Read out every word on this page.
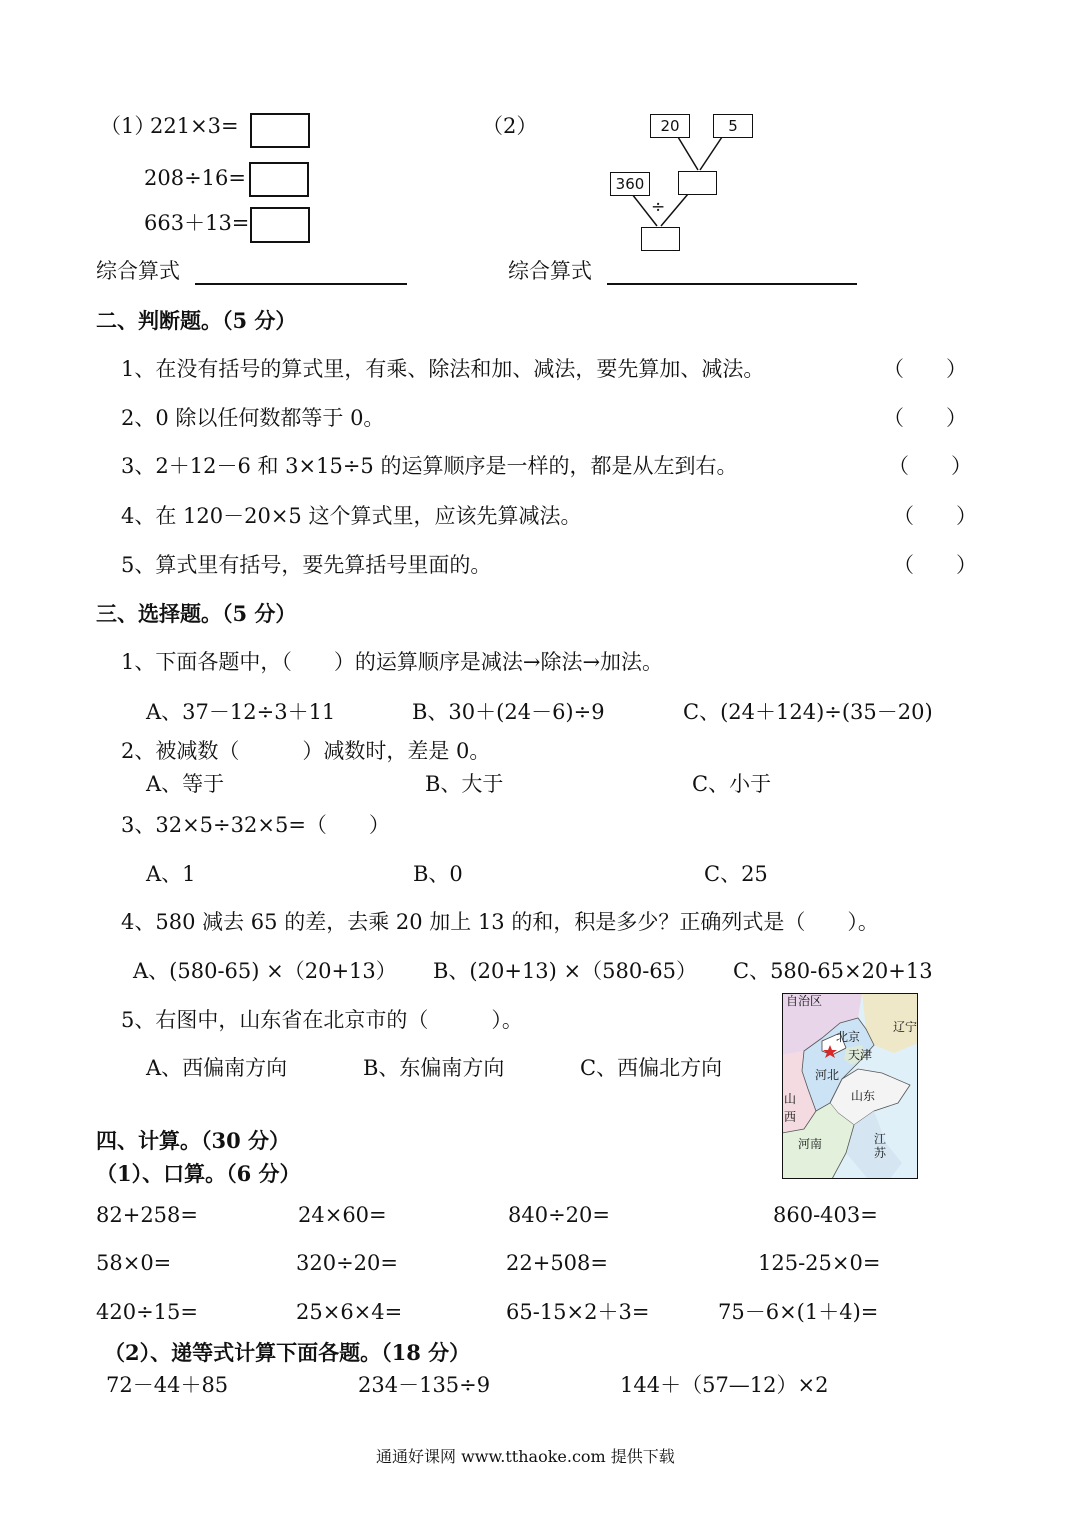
（1）
221×3=
208÷16=
663＋13=
（2）	20	5
360
÷
综合算式	综合算式
二、判断题。（5 分）
1、在没有括号的算式里，有乘、除法和加、减法，要先算加、减法。	（　　）
2、0 除以任何数都等于 0。	（　　）
3、2＋12－6 和 3×15÷5 的运算顺序是一样的，都是从左到右。	（　　）
4、在 120－20×5 这个算式里，应该先算减法。	（　　）
5、算式里有括号，要先算括号里面的。	（　　）
三、选择题。（5 分）
1、下面各题中，（　　）的运算顺序是减法→除法→加法。
A、37－12÷3＋11	B、30＋(24－6)÷9	C、(24＋124)÷(35－20)
2、被减数（　　　）减数时，差是 0。
A、等于	B、大于	C、小于
3、32×5÷32×5=（　　）
A、1	B、0	C、25
4、580 减去 65 的差，去乘 20 加上 13 的和，积是多少？正确列式是（　　）。
A、(580-65) ×（20+13） B、(20+13) ×（580-65） C、580-65×20+13
5、右图中，山东省在北京市的（　　　）。
A、西偏南方向	B、东偏南方向	C、西偏北方向
自治区
辽宁
北京
天津
河北
山东
山西
河南	江苏
四、计算。（30 分）
（1）、口算。（6 分）
82+258=	24×60=	840÷20=	860-403=
58×0=	320÷20=	22+508=	125-25×0=
420÷15=	25×6×4=	65-15×2＋3=	75－6×(1＋4)=
（2）、递等式计算下面各题。（18 分）
72－44＋85	234－135÷9	144＋（57—12）×2
通通好课网 www.tthaoke.com 提供下载
